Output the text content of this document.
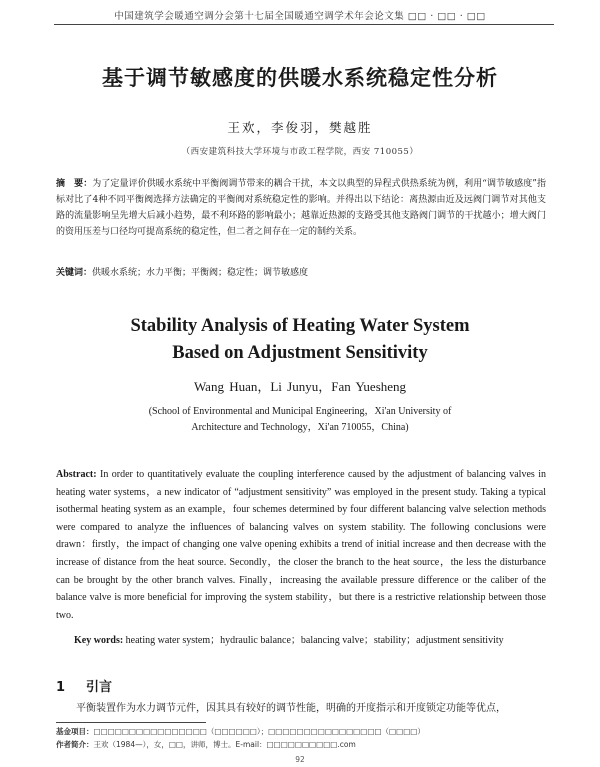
中国建筑学会暖通空调分会第十七届全国暖通空调学术年会论文集 □□ · □□ · □□
基于调节敏感度的供暖水系统稳定性分析
王欢，李俊羽，樊越胜
（西安建筑科技大学环境与市政工程学院，西安 710055）
摘　要：为了定量评价供暖水系统中平衡阀调节带来的耦合干扰，本文以典型的异程式供热系统为例，利用“调节敏感度”指标对比了4种不同平衡阀选择方法确定的平衡阀对系统稳定性的影响。并得出以下结论：离热源由近及远阀门调节对其他支路的流量影响呈先增大后减小趋势，最不利环路的影响最小；越靠近热源的支路受其他支路阀门调节的干扰越小；增大阀门的资用压差与口径均可提高系统的稳定性，但二者之间存在一定的制约关系。
关键词：供暖水系统；水力平衡；平衡阀；稳定性；调节敏感度
Stability Analysis of Heating Water System
Based on Adjustment Sensitivity
Wang Huan，Li Junyu，Fan Yuesheng
(School of Environmental and Municipal Engineering，Xi'an University of
Architecture and Technology，Xi'an 710055，China)
Abstract: In order to quantitatively evaluate the coupling interference caused by the adjustment of balancing valves in heating water systems，a new indicator of “adjustment sensitivity” was employed in the present study. Taking a typical isothermal heating system as an example，four schemes determined by four different balancing valve selection methods were compared to analyze the influences of balancing valves on system stability. The following conclusions were drawn：firstly，the impact of changing one valve opening exhibits a trend of initial increase and then decrease with the increase of distance from the heat source. Secondly，the closer the branch to the heat source，the less the disturbance can be brought by the other branch valves. Finally，increasing the available pressure difference or the caliber of the balance valve is more beneficial for improving the system stability，but there is a restrictive relationship between those two.
Key words: heating water system；hydraulic balance；balancing valve；stability；adjustment sensitivity
1 引言
平衡装置作为水力调节元件，因其具有较好的调节性能，明确的开度指示和开度锁定功能等优点，
基金项目：□□□□□□□□□□□□□□□□（□□□□□□）；□□□□□□□□□□□□□□□□（□□□□）
作者简介：王欢（1984—），女，□□，讲师，博士。E-mail：□□□□□□□□□□.com
92
